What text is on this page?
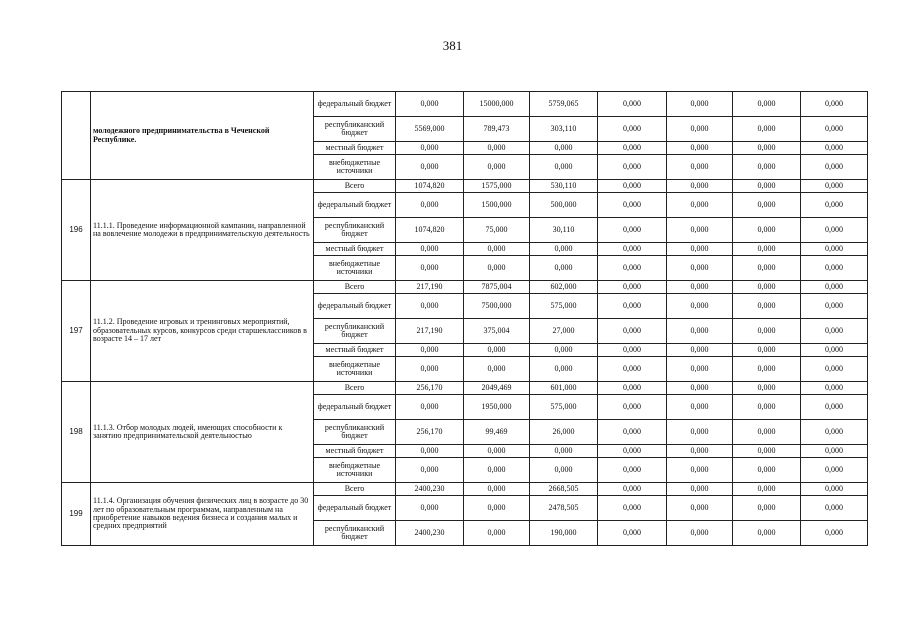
381
	молодежного предпринимательства в Чеченской Республике.	федеральный бюджет	0,000	15000,000	5759,065	0,000	0,000	0,000	0,000
		республиканский бюджет	5569,000	789,473	303,110	0,000	0,000	0,000	0,000
		местный бюджет	0,000	0,000	0,000	0,000	0,000	0,000	0,000
		внебюджетные источники	0,000	0,000	0,000	0,000	0,000	0,000	0,000
196	11.1.1. Проведение информационной кампании, направленной на вовлечение молодежи в предпринимательскую деятельность	Всего	1074,820	1575,000	530,110	0,000	0,000	0,000	0,000
		федеральный бюджет	0,000	1500,000	500,000	0,000	0,000	0,000	0,000
		республиканский бюджет	1074,820	75,000	30,110	0,000	0,000	0,000	0,000
		местный бюджет	0,000	0,000	0,000	0,000	0,000	0,000	0,000
		внебюджетные источники	0,000	0,000	0,000	0,000	0,000	0,000	0,000
197	11.1.2. Проведение игровых и тренинговых мероприятий, образовательных курсов, конкурсов среди старшеклассников в возрасте 14 – 17 лет	Всего	217,190	7875,004	602,000	0,000	0,000	0,000	0,000
		федеральный бюджет	0,000	7500,000	575,000	0,000	0,000	0,000	0,000
		республиканский бюджет	217,190	375,004	27,000	0,000	0,000	0,000	0,000
		местный бюджет	0,000	0,000	0,000	0,000	0,000	0,000	0,000
		внебюджетные источники	0,000	0,000	0,000	0,000	0,000	0,000	0,000
198	11.1.3. Отбор молодых людей, имеющих способности к занятию предпринимательской деятельностью	Всего	256,170	2049,469	601,000	0,000	0,000	0,000	0,000
		федеральный бюджет	0,000	1950,000	575,000	0,000	0,000	0,000	0,000
		республиканский бюджет	256,170	99,469	26,000	0,000	0,000	0,000	0,000
		местный бюджет	0,000	0,000	0,000	0,000	0,000	0,000	0,000
		внебюджетные источники	0,000	0,000	0,000	0,000	0,000	0,000	0,000
199	11.1.4. Организация обучения физических лиц в возрасте до 30 лет по образовательным программам, направленным на приобретение навыков ведения бизнеса и создания малых и средних предприятий	Всего	2400,230	0,000	2668,505	0,000	0,000	0,000	0,000
		федеральный бюджет	0,000	0,000	2478,505	0,000	0,000	0,000	0,000
		республиканский бюджет	2400,230	0,000	190,000	0,000	0,000	0,000	0,000
